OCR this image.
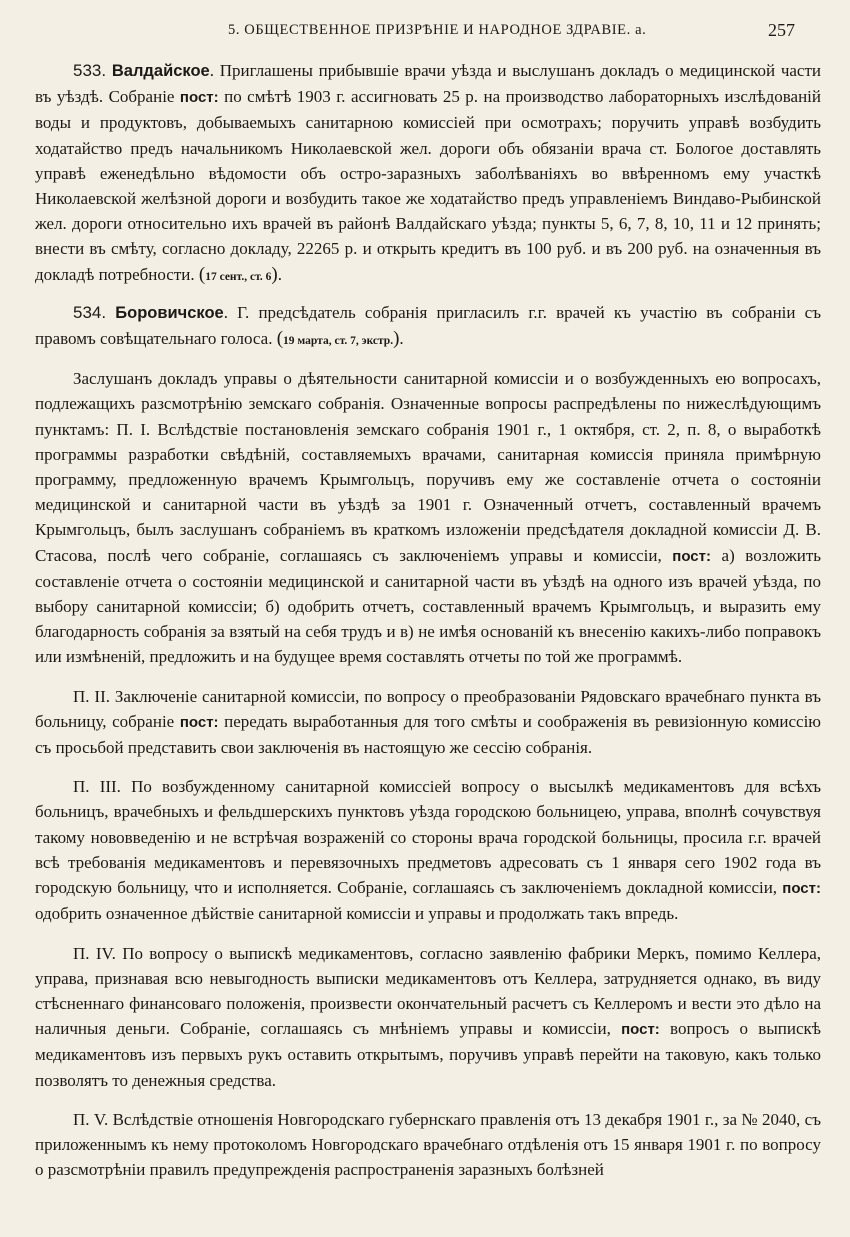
5. ОБЩЕСТВЕННОЕ ПРИЗРѢНІЕ И НАРОДНОЕ ЗДРАВІЕ. а.	257

533. Валдайское. Приглашены прибывшіе врачи уѣзда и выслушанъ докладъ о медицинской части въ уѣздѣ. Собраніе пост: по смѣтѣ 1903 г. ассигновать 25 р. на производство лабораторныхъ изслѣдованій воды и продуктовъ, добываемыхъ санитарною комиссіей при осмотрахъ; поручить управѣ возбудить ходатайство предъ начальникомъ Николаевской жел. дороги объ обязаніи врача ст. Бологое доставлять управѣ еженедѣльно вѣдомости объ остро-заразныхъ заболѣваніяхъ во ввѣренномъ ему участкѣ Николаевской желѣзной дороги и возбудить такое же ходатайство предъ управленіемъ Виндаво-Рыбинской жел. дороги относительно ихъ врачей въ районѣ Валдайскаго уѣзда; пункты 5, 6, 7, 8, 10, 11 и 12 принять; внести въ смѣту, согласно докладу, 22265 р. и открыть кредитъ въ 100 руб. и въ 200 руб. на означенныя въ докладѣ потребности. (17 сент., ст. 6).

534. Боровичское. Г. предсѣдатель собранія пригласилъ г.г. врачей къ участію въ собраніи съ правомъ совѣщательнаго голоса. (19 марта, ст. 7, экстр.).

Заслушанъ докладъ управы о дѣятельности санитарной комиссіи и о возбужденныхъ ею вопросахъ, подлежащихъ разсмотрѣнію земскаго собранія. Означенные вопросы распредѣлены по нижеслѣдующимъ пунктамъ: П. I. Вслѣдствіе постановленія земскаго собранія 1901 г., 1 октября, ст. 2, п. 8, о выработкѣ программы разработки свѣдѣній, составляемыхъ врачами, санитарная комиссія приняла примѣрную программу, предложенную врачемъ Крымгольцъ, поручивъ ему же составленіе отчета о состояніи медицинской и санитарной части въ уѣздѣ за 1901 г. Означенный отчетъ, составленный врачемъ Крымгольцъ, былъ заслушанъ собраніемъ въ краткомъ изложеніи предсѣдателя докладной комиссіи Д. В. Стасова, послѣ чего собраніе, соглашаясь съ заключеніемъ управы и комиссіи, пост: а) возложить составленіе отчета о состояніи медицинской и санитарной части въ уѣздѣ на одного изъ врачей уѣзда, по выбору санитарной комиссіи; б) одобрить отчетъ, составленный врачемъ Крымгольцъ, и выразить ему благодарность собранія за взятый на себя трудъ и в) не имѣя основаній къ внесенію какихъ-либо поправокъ или измѣненій, предложить и на будущее время составлять отчеты по той же программѣ.

П. II. Заключеніе санитарной комиссіи, по вопросу о преобразованіи Рядовскаго врачебнаго пункта въ больницу, собраніе пост: передать выработанныя для того смѣты и соображенія въ ревизіонную комиссію съ просьбой представить свои заключенія въ настоящую же сессію собранія.

П. III. По возбужденному санитарной комиссіей вопросу о высылкѣ медикаментовъ для всѣхъ больницъ, врачебныхъ и фельдшерскихъ пунктовъ уѣзда городскою больницею, управа, вполнѣ сочувствуя такому нововведенію и не встрѣчая возраженій со стороны врача городской больницы, просила г.г. врачей всѣ требованія медикаментовъ и перевязочныхъ предметовъ адресовать съ 1 января сего 1902 года въ городскую больницу, что и исполняется. Собраніе, соглашаясь съ заключеніемъ докладной комиссіи, пост: одобрить означенное дѣйствіе санитарной комиссіи и управы и продолжать такъ впредь.

П. IV. По вопросу о выпискѣ медикаментовъ, согласно заявленію фабрики Меркъ, помимо Келлера, управа, признавая всю невыгодность выписки медикаментовъ отъ Келлера, затрудняется однако, въ виду стѣсненнаго финансоваго положенія, произвести окончательный расчетъ съ Келлеромъ и вести это дѣло на наличныя деньги. Собраніе, соглашаясь съ мнѣніемъ управы и комиссіи, пост: вопросъ о выпискѣ медикаментовъ изъ первыхъ рукъ оставить открытымъ, поручивъ управѣ перейти на таковую, какъ только позволятъ то денежныя средства.

П. V. Вслѣдствіе отношенія Новгородскаго губернскаго правленія отъ 13 декабря 1901 г., за № 2040, съ приложеннымъ къ нему протоколомъ Новгородскаго врачебнаго отдѣленія отъ 15 января 1901 г. по вопросу о разсмотрѣніи правилъ предупрежденія распространенія заразныхъ болѣзней
